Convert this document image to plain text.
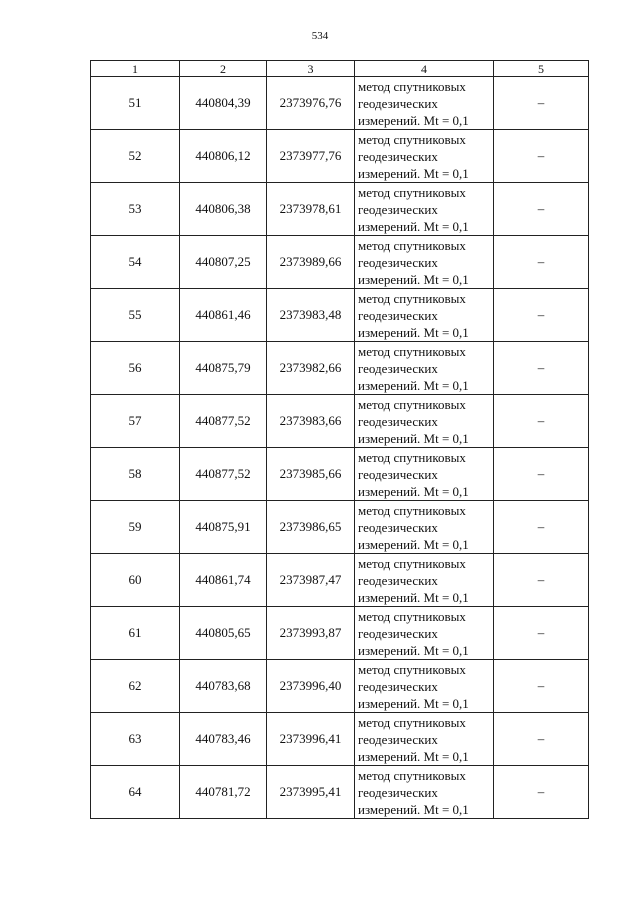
534
1	2	3	4	5
51	440804,39	2373976,76	метод спутниковых
геодезических
измерений. Mt = 0,1	–
52	440806,12	2373977,76	метод спутниковых
геодезических
измерений. Mt = 0,1	–
53	440806,38	2373978,61	метод спутниковых
геодезических
измерений. Mt = 0,1	–
54	440807,25	2373989,66	метод спутниковых
геодезических
измерений. Mt = 0,1	–
55	440861,46	2373983,48	метод спутниковых
геодезических
измерений. Mt = 0,1	–
56	440875,79	2373982,66	метод спутниковых
геодезических
измерений. Mt = 0,1	–
57	440877,52	2373983,66	метод спутниковых
геодезических
измерений. Mt = 0,1	–
58	440877,52	2373985,66	метод спутниковых
геодезических
измерений. Mt = 0,1	–
59	440875,91	2373986,65	метод спутниковых
геодезических
измерений. Mt = 0,1	–
60	440861,74	2373987,47	метод спутниковых
геодезических
измерений. Mt = 0,1	–
61	440805,65	2373993,87	метод спутниковых
геодезических
измерений. Mt = 0,1	–
62	440783,68	2373996,40	метод спутниковых
геодезических
измерений. Mt = 0,1	–
63	440783,46	2373996,41	метод спутниковых
геодезических
измерений. Mt = 0,1	–
64	440781,72	2373995,41	метод спутниковых
геодезических
измерений. Mt = 0,1	–
